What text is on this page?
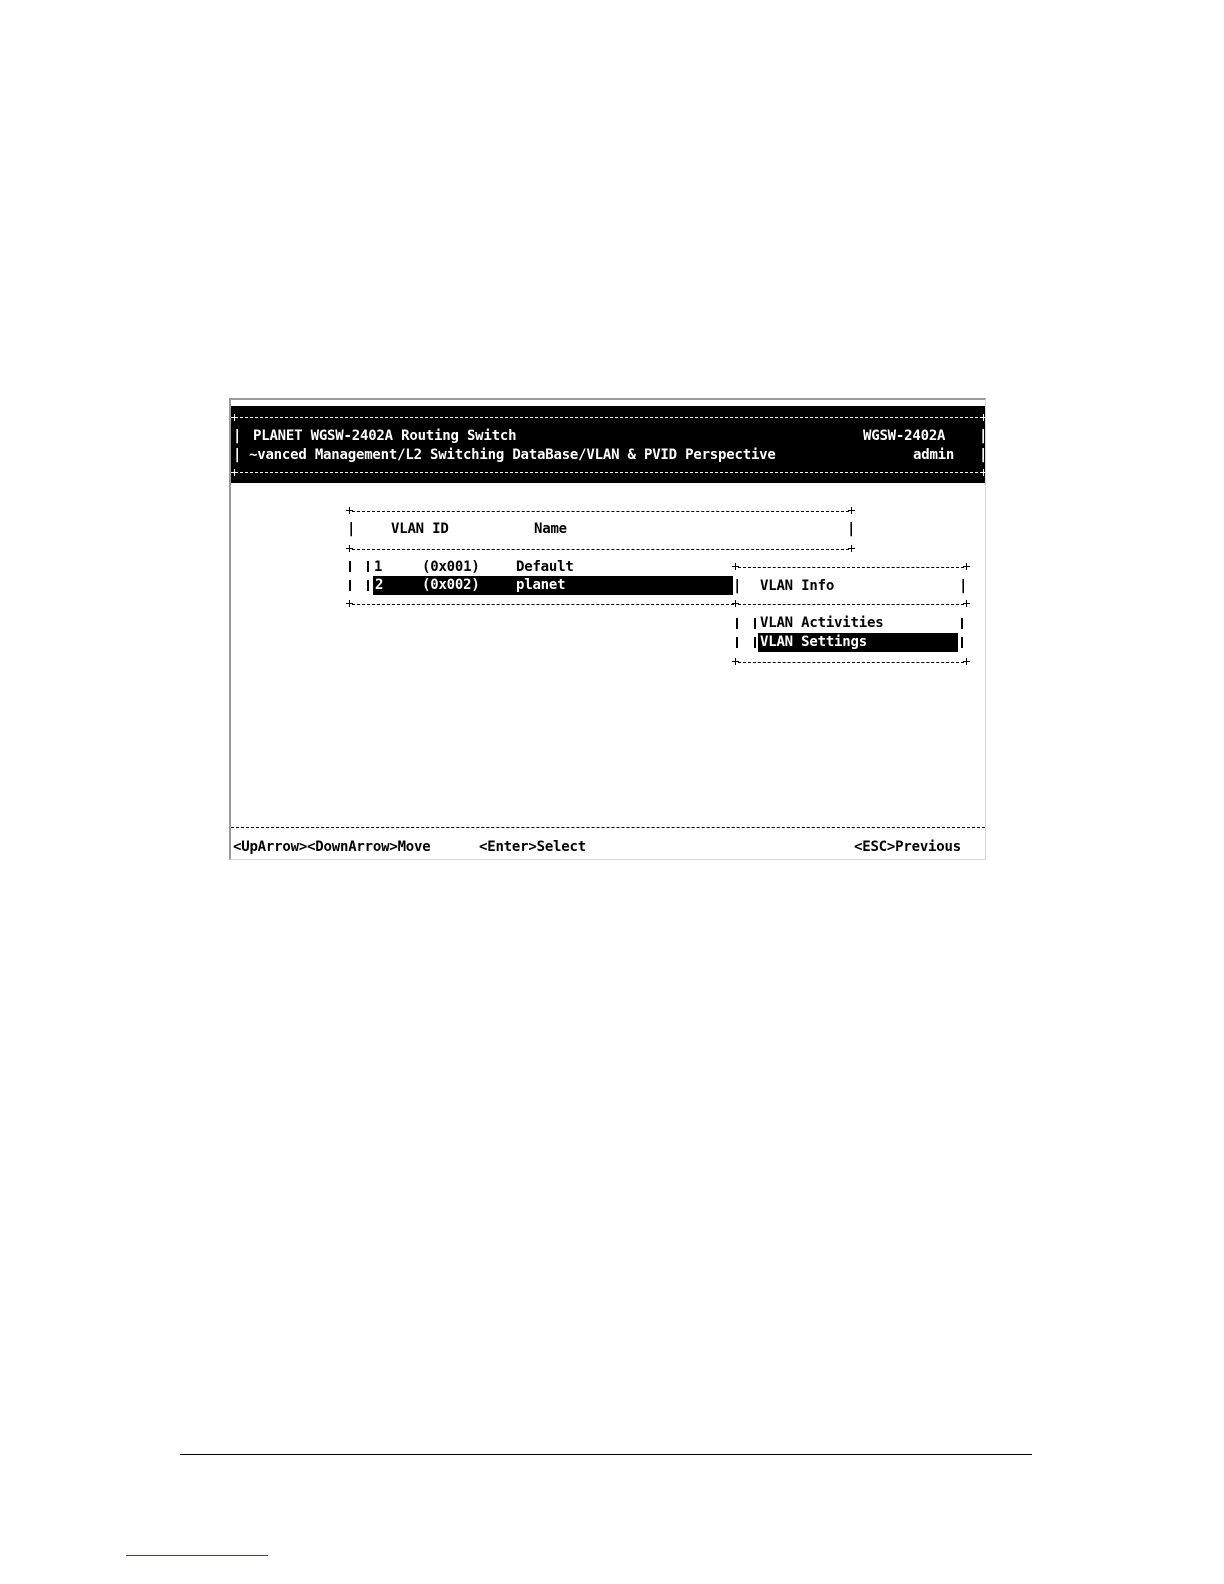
| PLANET WGSW-2402A Routing Switch	WGSW-2402A |
| ~vanced Management/L2 Switching DataBase/VLAN & PVID Perspective	admin |
|	VLAN ID	Name	|
1	(0x001)	Default
2	(0x002)	planet	| VLAN Info	|
VLAN Activities
VLAN Settings
<UpArrow><DownArrow>Move	<Enter>Select	<ESC>Previous
